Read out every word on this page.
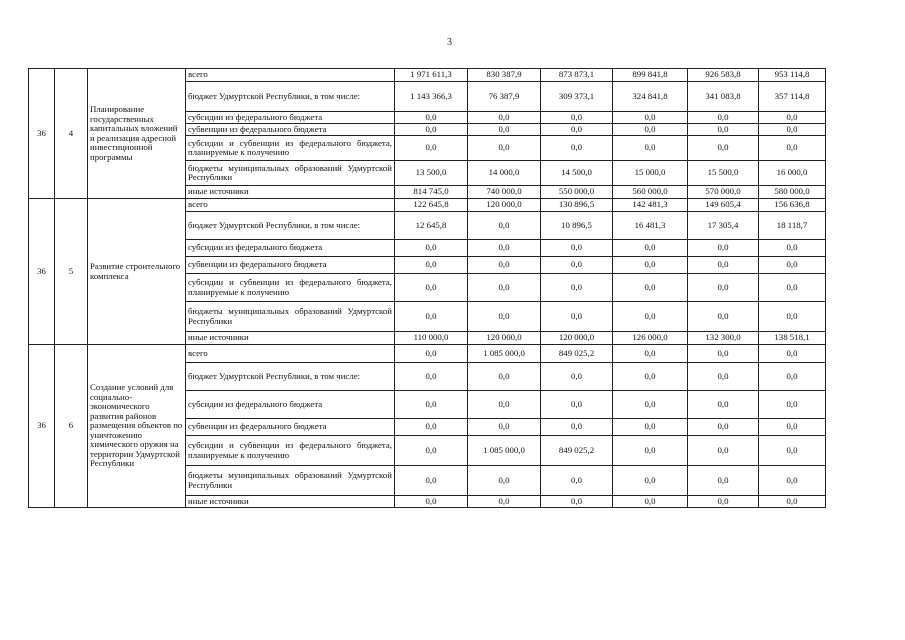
3
36	4	Планирование государственных капитальных вложений и реализация адресной инвестиционной программы	всего	1 971 611,3	830 387,9	873 873,1	899 841,8	926 583,8	953 114,8
			бюджет Удмуртской Республики, в том числе:	1 143 366,3	76 387,9	309 373,1	324 841,8	341 083,8	357 114,8
			субсидии из федерального бюджета	0,0	0,0	0,0	0,0	0,0	0,0
			субвенции из федерального бюджета	0,0	0,0	0,0	0,0	0,0	0,0
			субсидии и субвенции из федерального бюджета, планируемые к получению	0,0	0,0	0,0	0,0	0,0	0,0
			бюджеты муниципальных образований Удмуртской Республики	13 500,0	14 000,0	14 500,0	15 000,0	15 500,0	16 000,0
			иные источники	814 745,0	740 000,0	550 000,0	560 000,0	570 000,0	580 000,0
36	5	Развитие строительного комплекса	всего	122 645,8	120 000,0	130 896,5	142 481,3	149 605,4	156 636,8
			бюджет Удмуртской Республики, в том числе:	12 645,8	0,0	10 896,5	16 481,3	17 305,4	18 118,7
			субсидии из федерального бюджета	0,0	0,0	0,0	0,0	0,0	0,0
			субвенции из федерального бюджета	0,0	0,0	0,0	0,0	0,0	0,0
			субсидии и субвенции из федерального бюджета, планируемые к получению	0,0	0,0	0,0	0,0	0,0	0,0
			бюджеты муниципальных образований Удмуртской Республики	0,0	0,0	0,0	0,0	0,0	0,0
			иные источники	110 000,0	120 000,0	120 000,0	126 000,0	132 300,0	138 518,1
36	6	Создание условий для социально-экономического развития районов размещения объектов по уничтожению химического оружия на территории Удмуртской Республики	всего	0,0	1 085 000,0	849 025,2	0,0	0,0	0,0
			бюджет Удмуртской Республики, в том числе:	0,0	0,0	0,0	0,0	0,0	0,0
			субсидии из федерального бюджета	0,0	0,0	0,0	0,0	0,0	0,0
			субвенции из федерального бюджета	0,0	0,0	0,0	0,0	0,0	0,0
			субсидии и субвенции из федерального бюджета, планируемые к получению	0,0	1 085 000,0	849 025,2	0,0	0,0	0,0
			бюджеты муниципальных образований Удмуртской Республики	0,0	0,0	0,0	0,0	0,0	0,0
			иные источники	0,0	0,0	0,0	0,0	0,0	0,0
